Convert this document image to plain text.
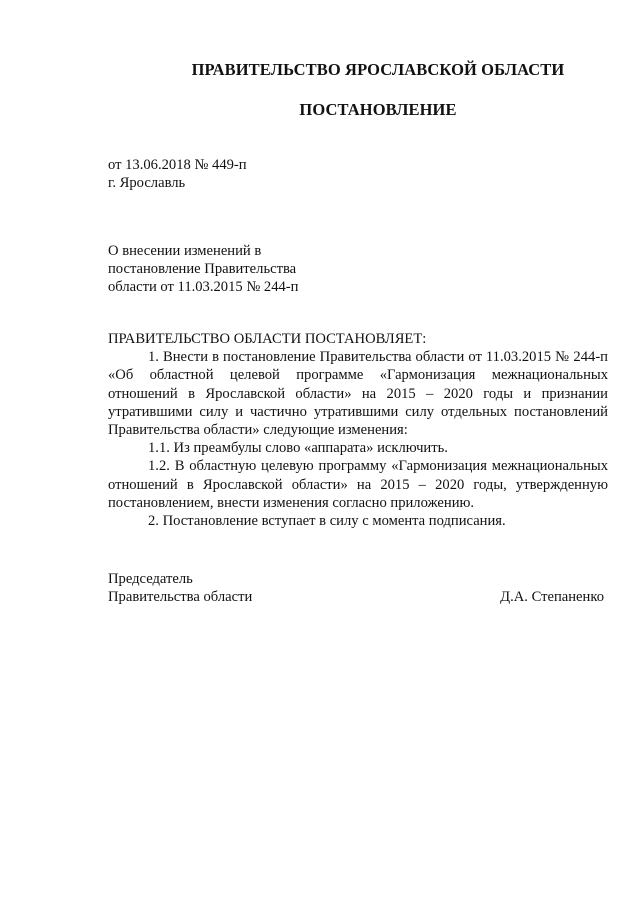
ПРАВИТЕЛЬСТВО ЯРОСЛАВСКОЙ ОБЛАСТИ
ПОСТАНОВЛЕНИЕ
от 13.06.2018 № 449-п
г. Ярославль
О внесении изменений в
постановление Правительства
области от 11.03.2015 № 244-п

ПРАВИТЕЛЬСТВО ОБЛАСТИ ПОСТАНОВЛЯЕТ:

1. Внести в постановление Правительства области от 11.03.2015 № 244-п «Об областной целевой программе «Гармонизация межнациональных отношений в Ярославской области» на 2015 – 2020 годы и признании утратившими силу и частично утратившими силу отдельных постановлений Правительства области» следующие изменения:

1.1. Из преамбулы слово «аппарата» исключить.

1.2. В областную целевую программу «Гармонизация межнациональных отношений в Ярославской области» на 2015 – 2020 годы, утвержденную постановлением, внести изменения согласно приложению.

2. Постановление вступает в силу с момента подписания.

Председатель
Правительства области	Д.А. Степаненко
